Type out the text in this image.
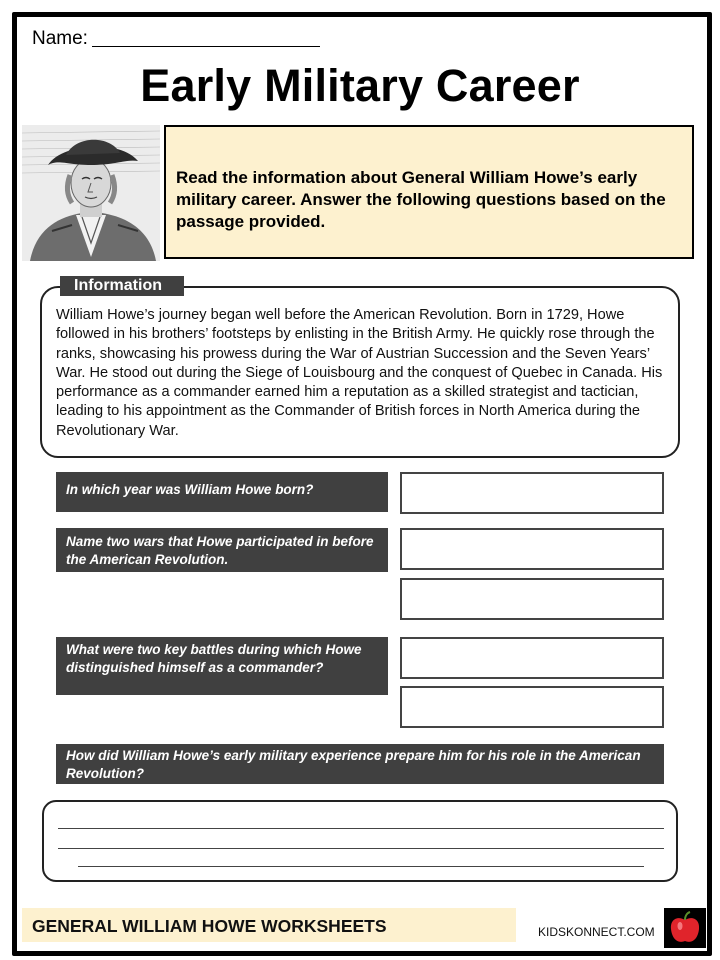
Name:
Early Military Career
Read the information about General William Howe’s early military career. Answer the following questions based on the passage provided.
William Howe’s journey began well before the American Revolution. Born in 1729, Howe followed in his brothers’ footsteps by enlisting in the British Army. He quickly rose through the ranks, showcasing his prowess during the War of Austrian Succession and the Seven Years’ War. He stood out during the Siege of Louisbourg and the conquest of Quebec in Canada. His performance as a commander earned him a reputation as a skilled strategist and tactician, leading to his appointment as the Commander of British forces in North America during the Revolutionary War.
Information
In which year was William Howe born?
Name two wars that Howe participated in before the American Revolution.
What were two key battles during which Howe distinguished himself as a commander?
How did William Howe’s early military experience prepare him for his role in the American Revolution?
GENERAL WILLIAM HOWE WORKSHEETS	KIDSKONNECT.COM
